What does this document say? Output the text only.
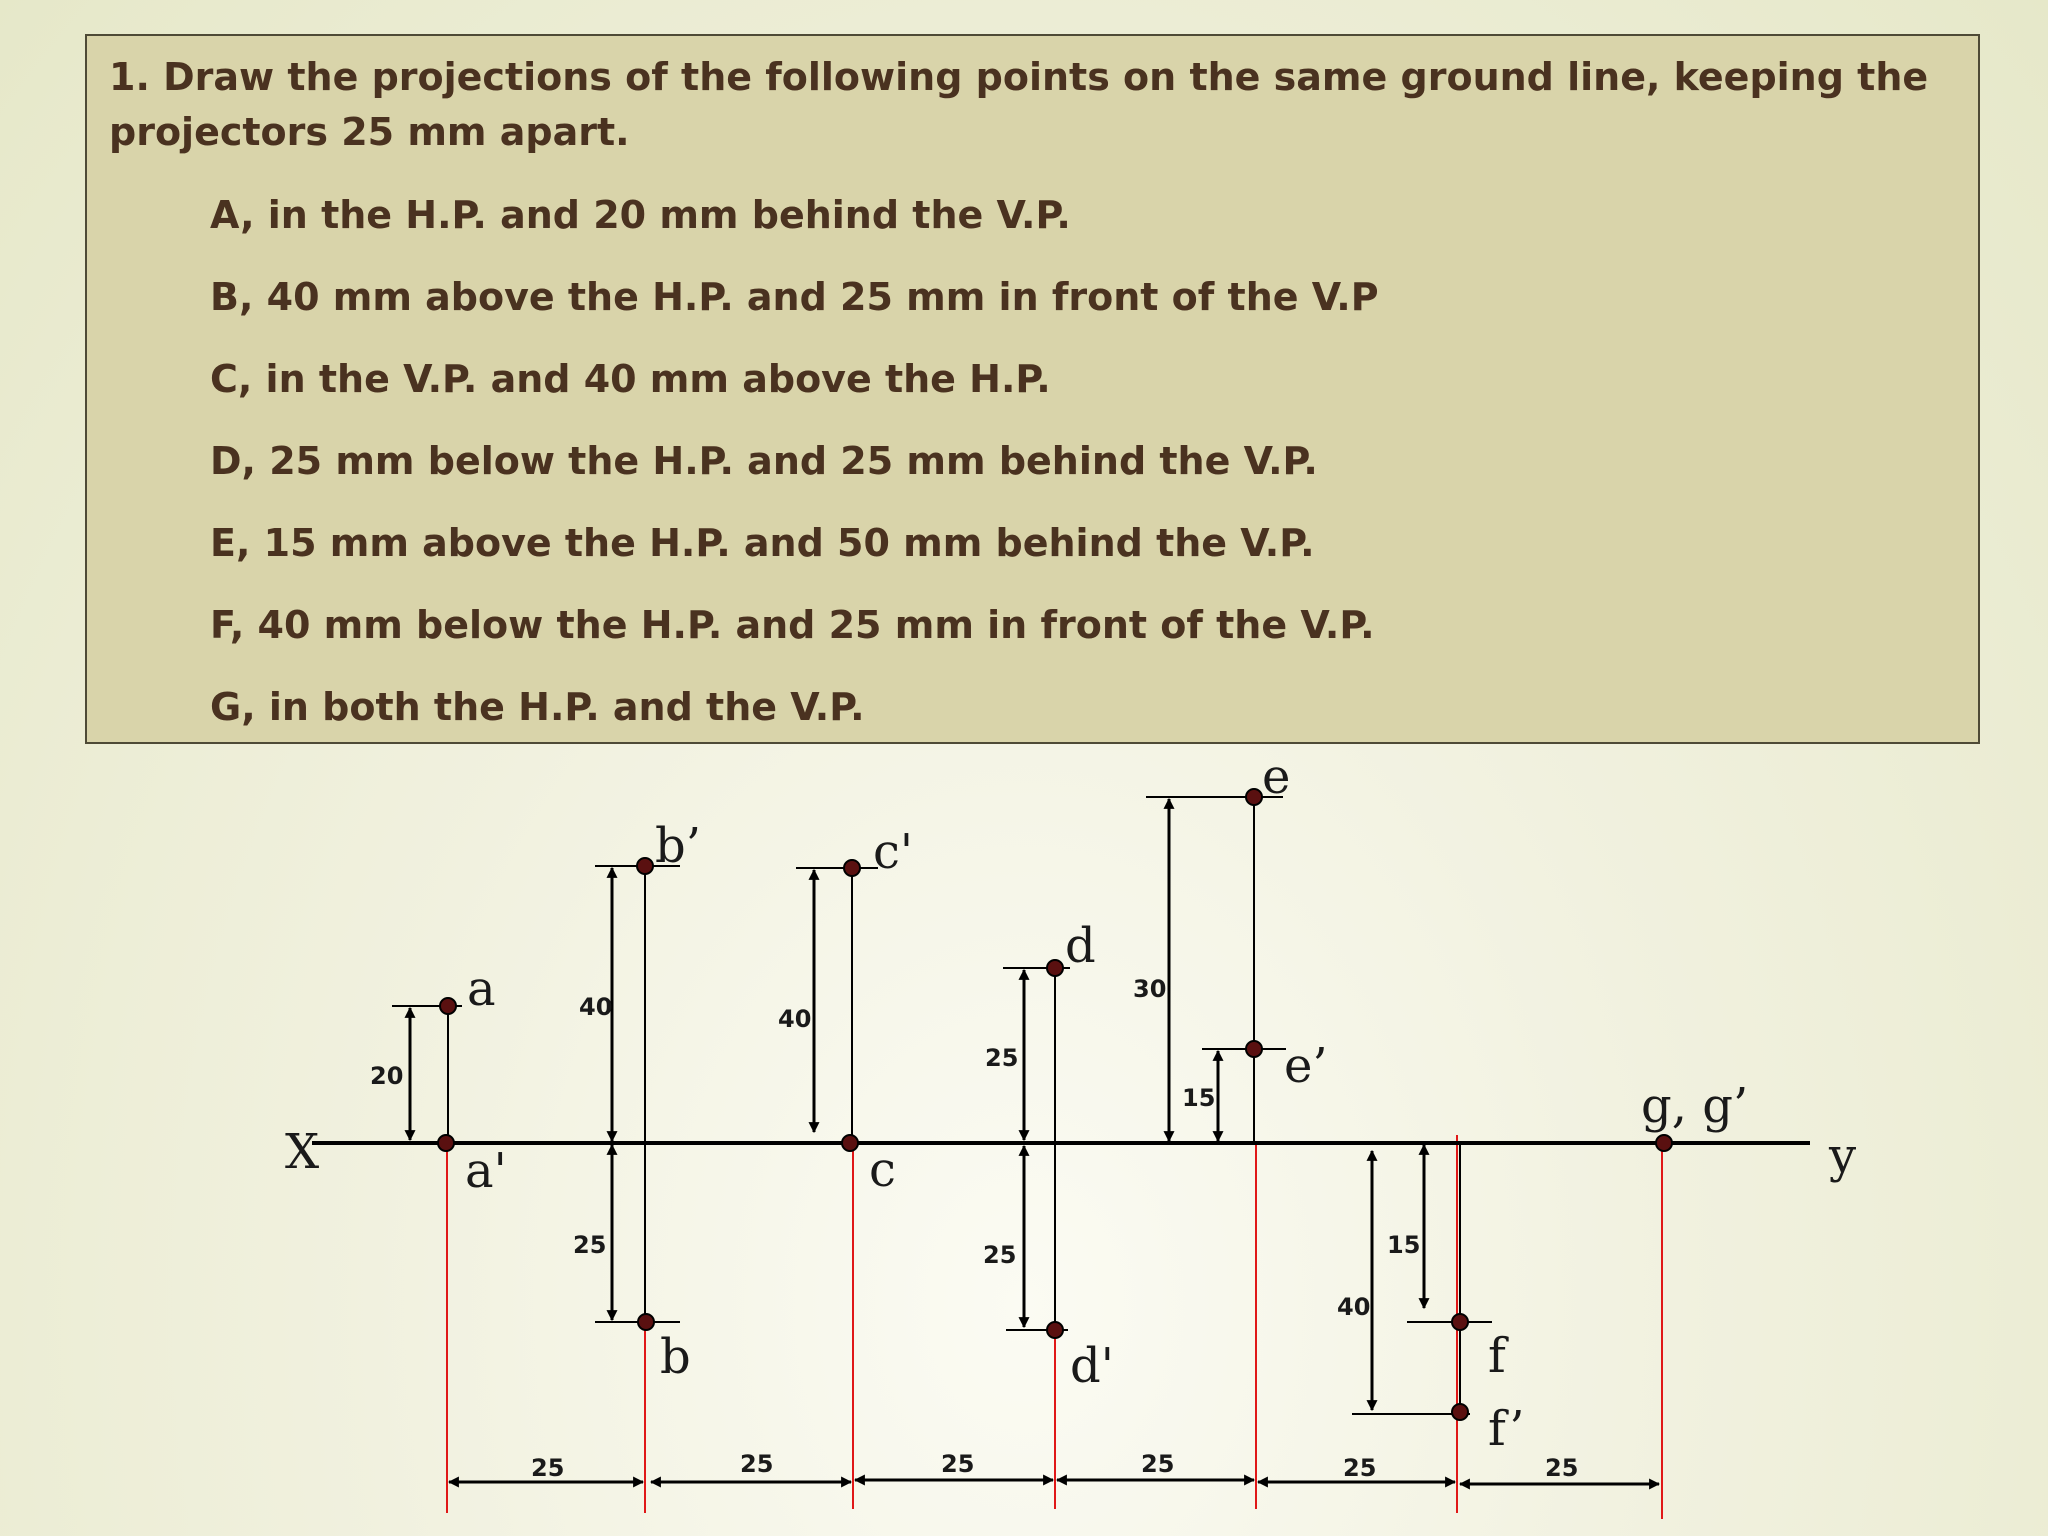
1. Draw the projections of the following points on the same ground line, keeping the projectors 25 mm apart.

A, in the H.P. and 20 mm behind the V.P.
B, 40 mm above the H.P. and 25 mm in front of the V.P
C, in the V.P. and 40 mm above the H.P.
D, 25 mm below the H.P. and 25 mm behind the V.P.
E, 15 mm above the H.P. and 50 mm behind the V.P.
F, 40 mm below the H.P. and 25 mm in front of the V.P.
G, in both the H.P. and the V.P.
X	y
20
40
25
40
25
25
30
15
15
40
25	25	25	25	25	25
a
a'
b’
b
c'
c
d
d'
e
e’
f
f’
g, g’
